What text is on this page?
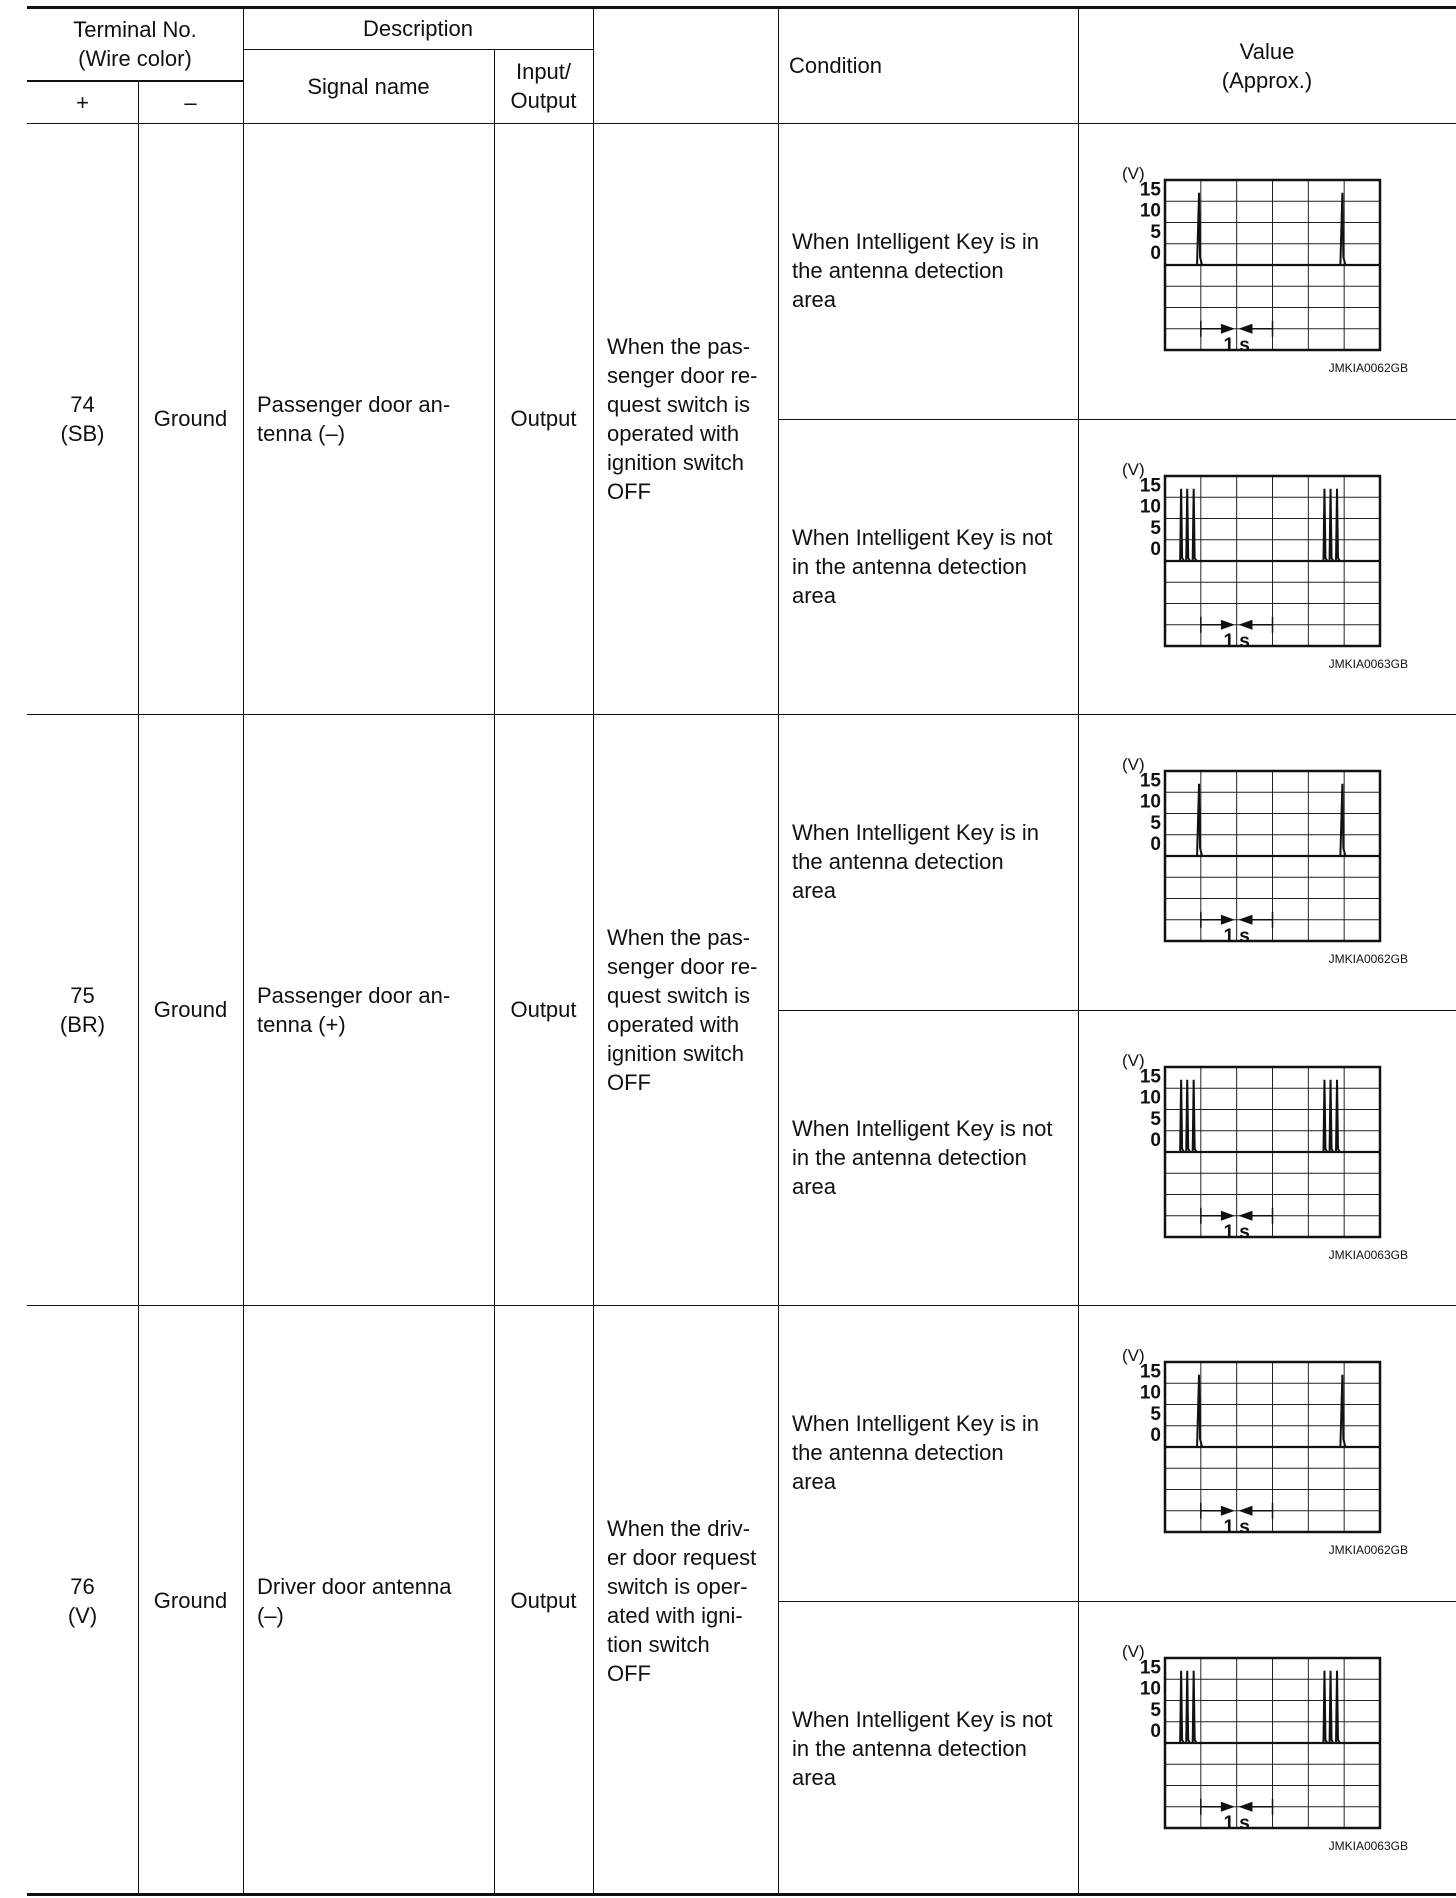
Terminal No.
(Wire color)
+	–
Description
Signal name
Input/
Output
Condition
Value
(Approx.)
74
(SB)
Ground
Passenger door an-
tenna (–)
Output
When the pas-
senger door re-
quest switch is
operated with
ignition switch
OFF
When Intelligent Key is in
the antenna detection
area
(V)
15
10
5
0
1 s
JMKIA0062GB
When Intelligent Key is not
in the antenna detection
area
(V)
15
10
5
0
1 s
JMKIA0063GB
75
(BR)
Ground
Passenger door an-
tenna (+)
Output
When the pas-
senger door re-
quest switch is
operated with
ignition switch
OFF
When Intelligent Key is in
the antenna detection
area
(V)
15
10
5
0
1 s
JMKIA0062GB
When Intelligent Key is not
in the antenna detection
area
(V)
15
10
5
0
1 s
JMKIA0063GB
76
(V)
Ground
Driver door antenna
(–)
Output
When the driv-
er door request
switch is oper-
ated with igni-
tion switch
OFF
When Intelligent Key is in
the antenna detection
area
(V)
15
10
5
0
1 s
JMKIA0062GB
When Intelligent Key is not
in the antenna detection
area
(V)
15
10
5
0
1 s
JMKIA0063GB
